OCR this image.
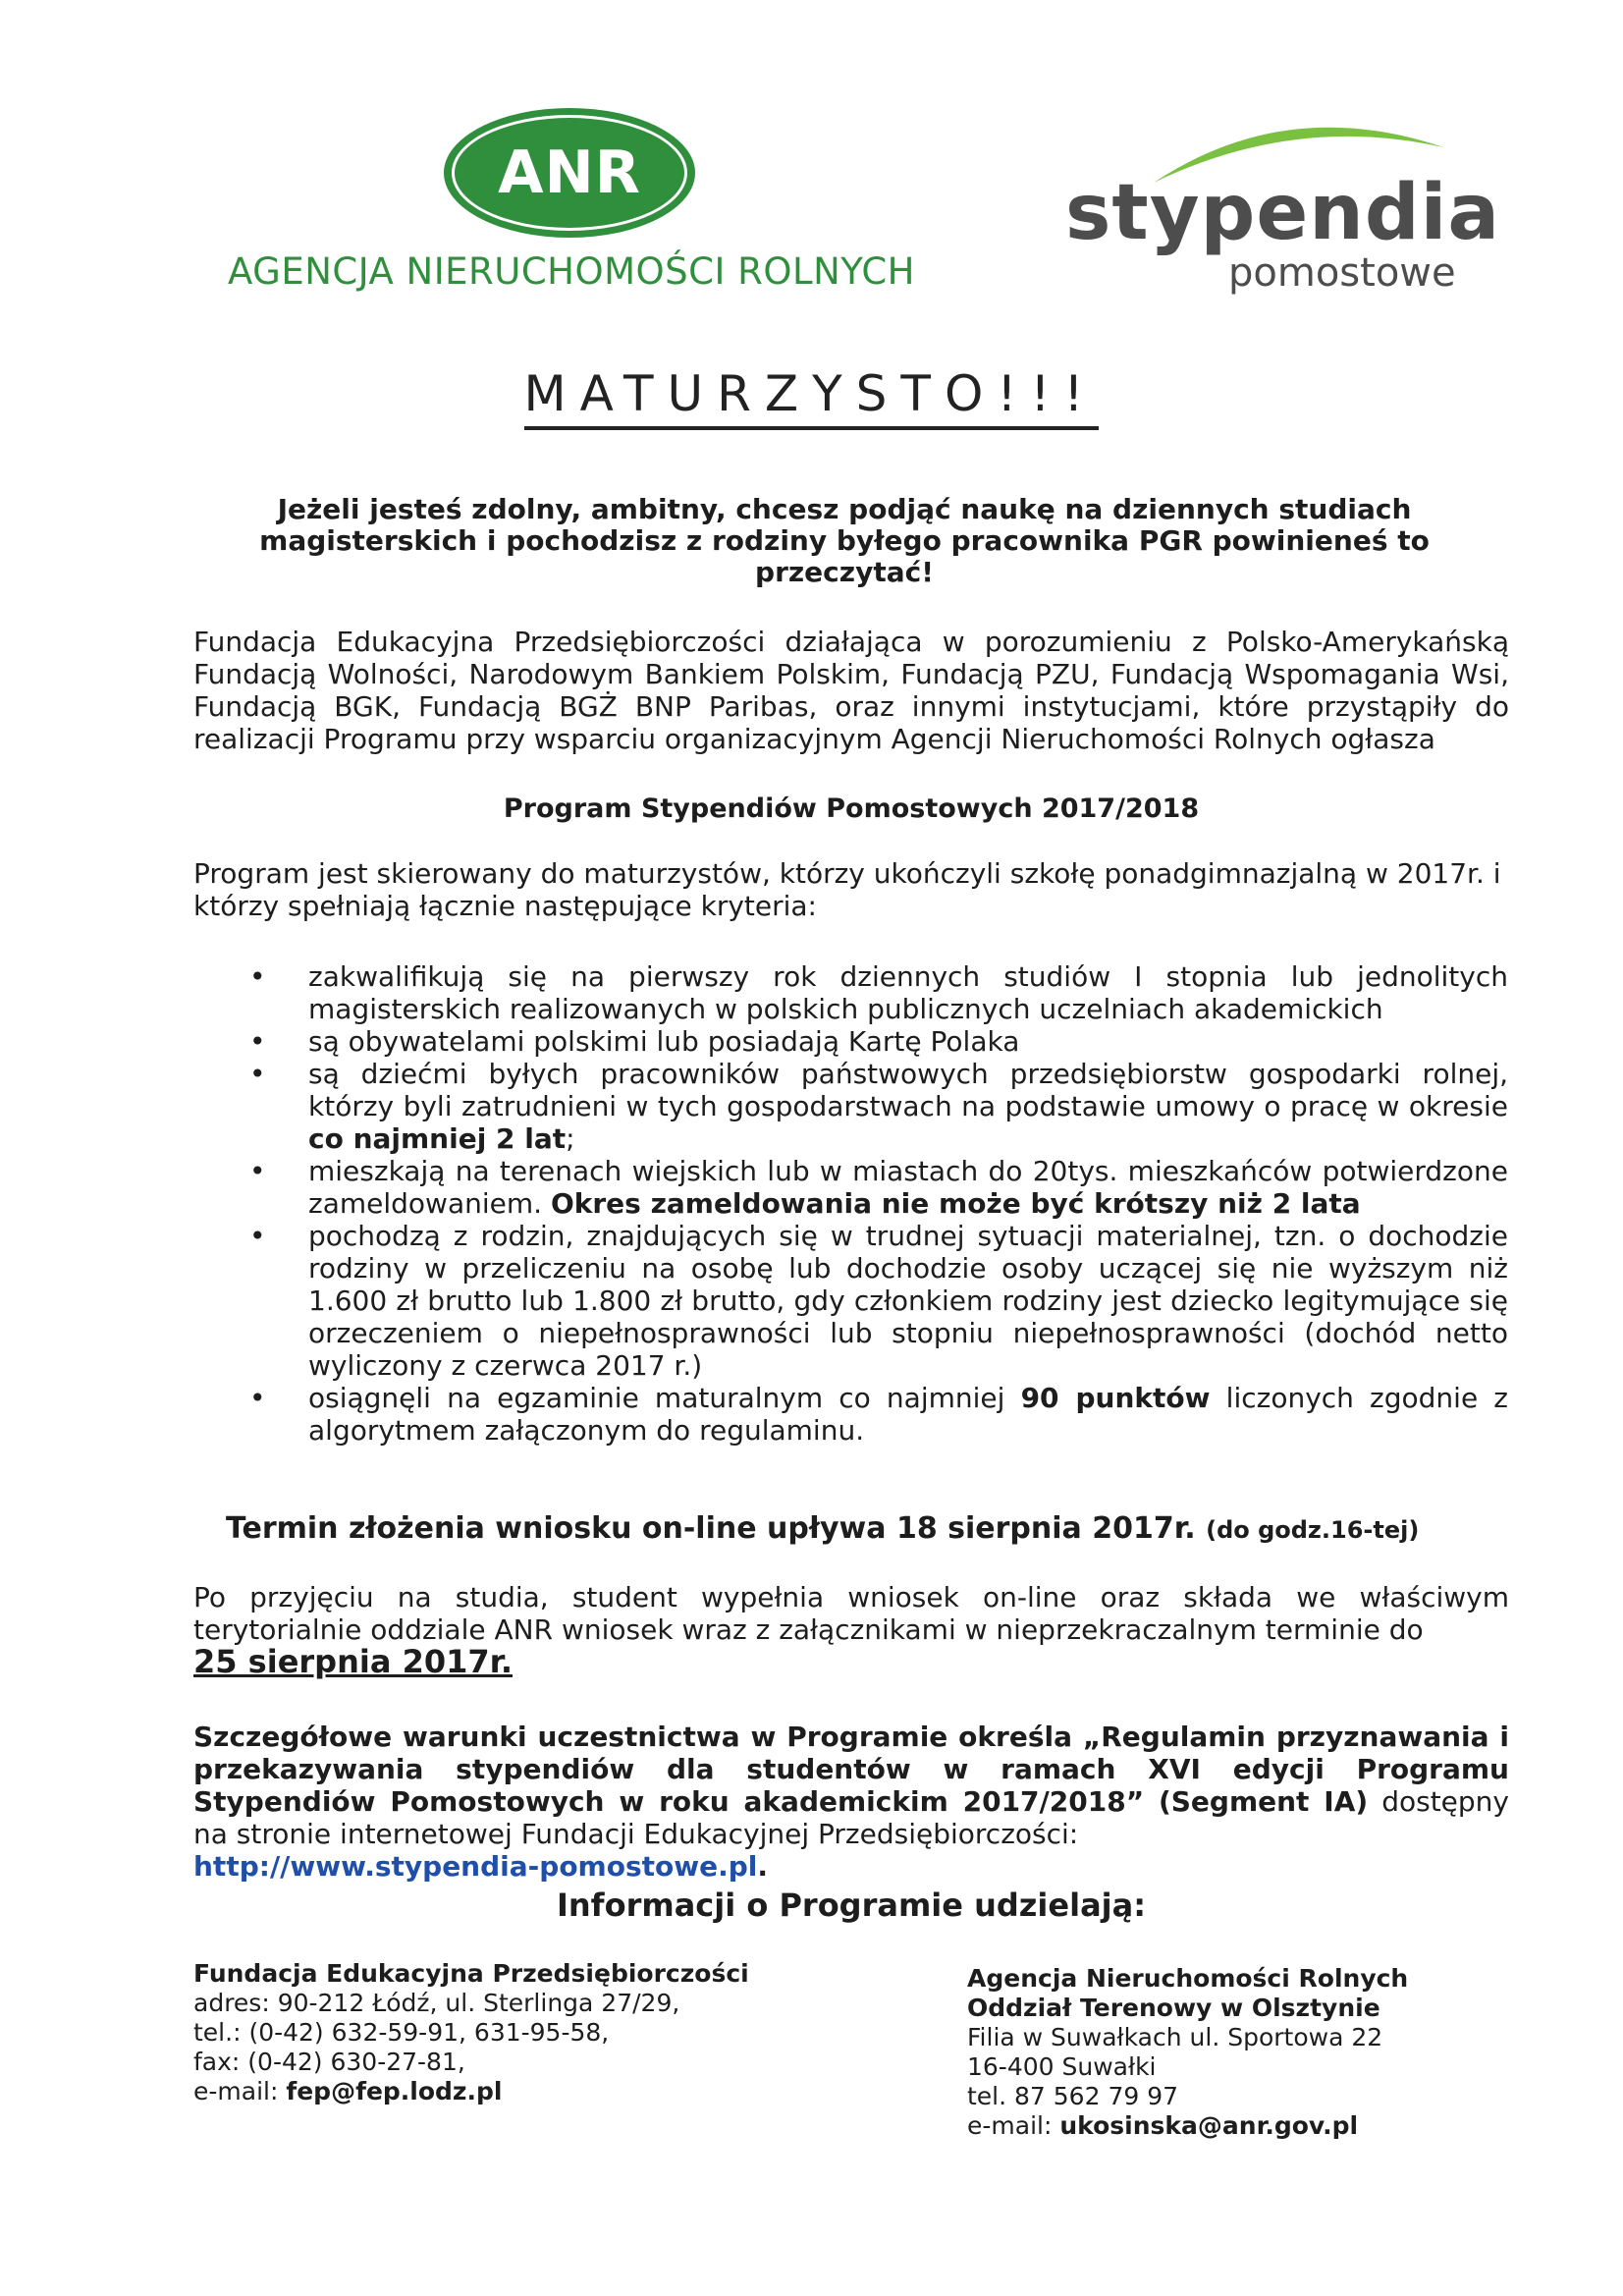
ANR
AGENCJA NIERUCHOMOŚCI ROLNYCH
stypendia
pomostowe
MATURZYSTO!!!
Jeżeli jesteś zdolny, ambitny, chcesz podjąć naukę na dziennych studiach magisterskich i pochodzisz z rodziny byłego pracownika PGR powinieneś to przeczytać!
Fundacja Edukacyjna Przedsiębiorczości działająca w porozumieniu z Polsko-Amerykańską Fundacją Wolności, Narodowym Bankiem Polskim, Fundacją PZU, Fundacją Wspomagania Wsi, Fundacją BGK, Fundacją BGŻ BNP Paribas, oraz innymi instytucjami, które przystąpiły do realizacji Programu przy wsparciu organizacyjnym Agencji Nieruchomości Rolnych ogłasza
Program Stypendiów Pomostowych 2017/2018
Program jest skierowany do maturzystów, którzy ukończyli szkołę ponadgimnazjalną w 2017r. i którzy spełniają łącznie następujące kryteria:
• zakwalifikują się na pierwszy rok dziennych studiów I stopnia lub jednolitych magisterskich realizowanych w polskich publicznych uczelniach akademickich
• są obywatelami polskimi lub posiadają Kartę Polaka
• są dziećmi byłych pracowników państwowych przedsiębiorstw gospodarki rolnej, którzy byli zatrudnieni w tych gospodarstwach na podstawie umowy o pracę w okresie co najmniej 2 lat;
• mieszkają na terenach wiejskich lub w miastach do 20tys. mieszkańców potwierdzone zameldowaniem. Okres zameldowania nie może być krótszy niż 2 lata
• pochodzą z rodzin, znajdujących się w trudnej sytuacji materialnej, tzn. o dochodzie rodziny w przeliczeniu na osobę lub dochodzie osoby uczącej się nie wyższym niż 1.600 zł brutto lub 1.800 zł brutto, gdy członkiem rodziny jest dziecko legitymujące się orzeczeniem o niepełnosprawności lub stopniu niepełnosprawności (dochód netto wyliczony z czerwca 2017 r.)
• osiągnęli na egzaminie maturalnym co najmniej 90 punktów liczonych zgodnie z algorytmem załączonym do regulaminu.
Termin złożenia wniosku on-line upływa 18 sierpnia 2017r. (do godz.16-tej)
Po przyjęciu na studia, student wypełnia wniosek on-line oraz składa we właściwym terytorialnie oddziale ANR wniosek wraz z załącznikami w nieprzekraczalnym terminie do
25 sierpnia 2017r.
Szczegółowe warunki uczestnictwa w Programie określa „Regulamin przyznawania i przekazywania stypendiów dla studentów w ramach XVI edycji Programu Stypendiów Pomostowych w roku akademickim 2017/2018” (Segment IA) dostępny na stronie internetowej Fundacji Edukacyjnej Przedsiębiorczości:
http://www.stypendia-pomostowe.pl.
Informacji o Programie udzielają:
Fundacja Edukacyjna Przedsiębiorczości
adres: 90-212 Łódź, ul. Sterlinga 27/29,
tel.: (0-42) 632-59-91, 631-95-58,
fax: (0-42) 630-27-81,
e-mail: fep@fep.lodz.pl
Agencja Nieruchomości Rolnych
Oddział Terenowy w Olsztynie
Filia w Suwałkach ul. Sportowa 22
16-400 Suwałki
tel. 87 562 79 97
e-mail: ukosinska@anr.gov.pl
